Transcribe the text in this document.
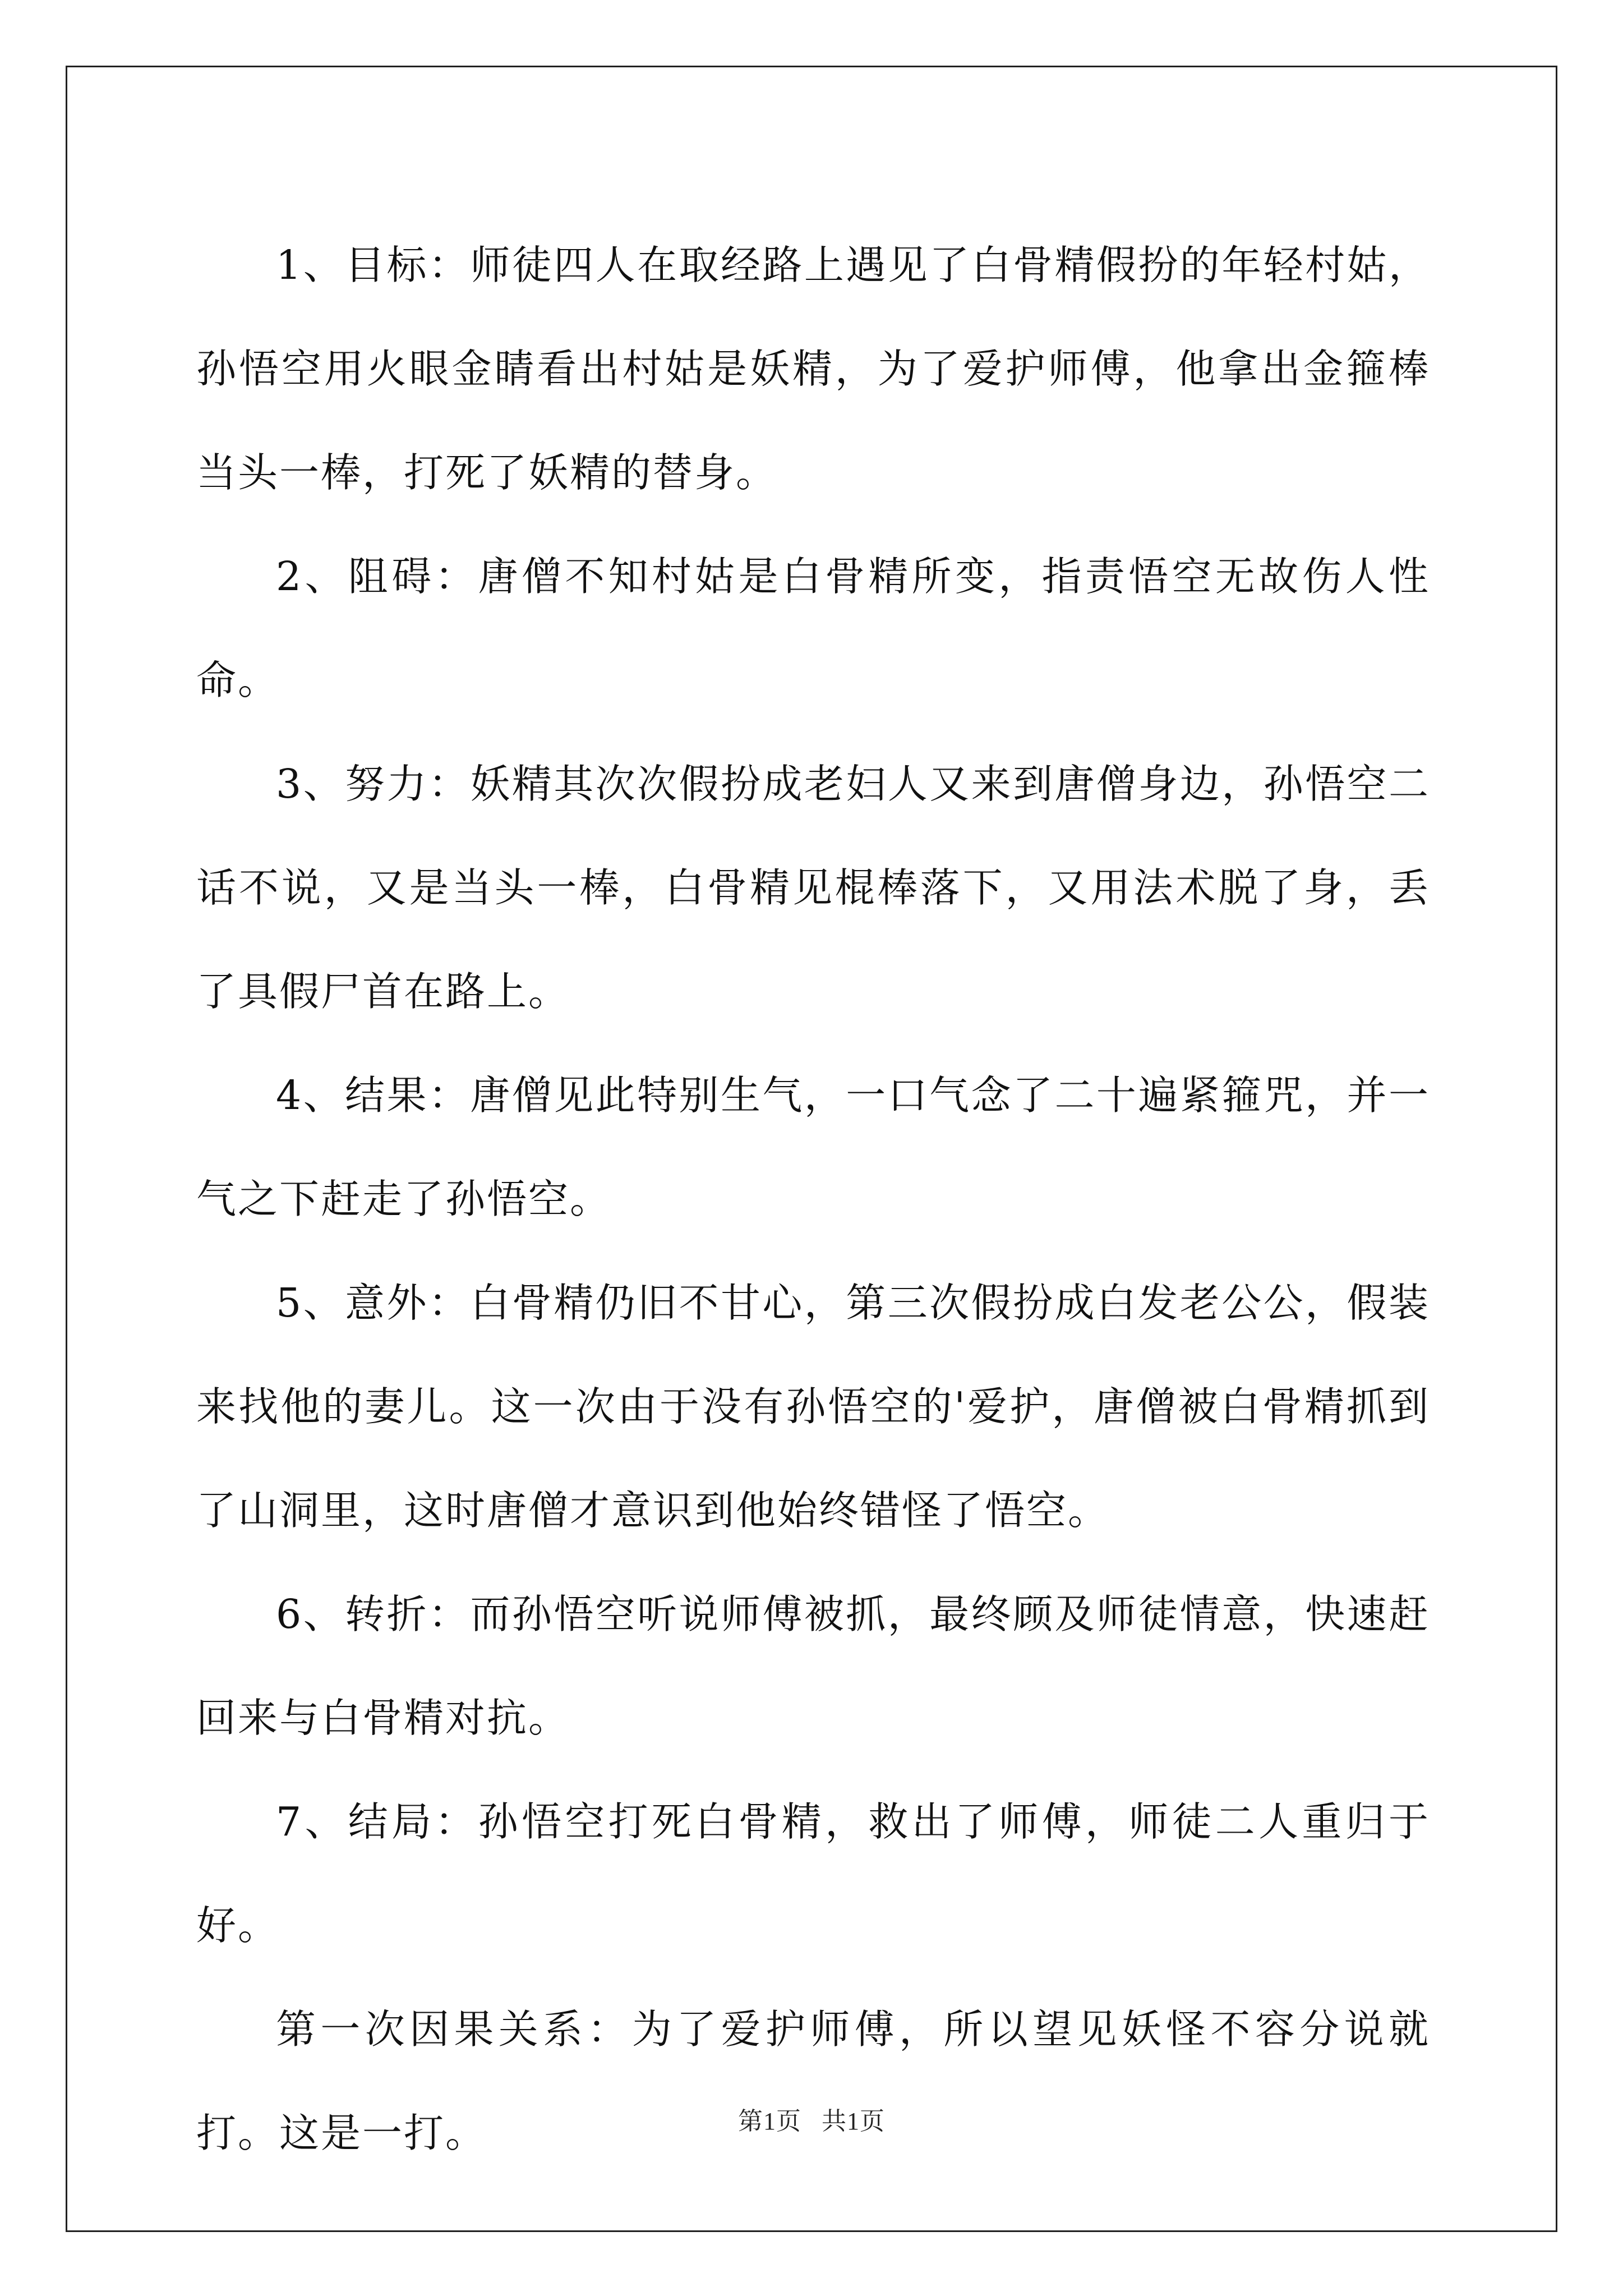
1、目标：师徒四人在取经路上遇见了白骨精假扮的年轻村姑，孙悟空用火眼金睛看出村姑是妖精，为了爱护师傅，他拿出金箍棒当头一棒，打死了妖精的替身。

2、阻碍：唐僧不知村姑是白骨精所变，指责悟空无故伤人性命。

3、努力：妖精其次次假扮成老妇人又来到唐僧身边，孙悟空二话不说，又是当头一棒，白骨精见棍棒落下，又用法术脱了身，丢了具假尸首在路上。

4、结果：唐僧见此特别生气，一口气念了二十遍紧箍咒，并一气之下赶走了孙悟空。

5、意外：白骨精仍旧不甘心，第三次假扮成白发老公公，假装来找他的妻儿。这一次由于没有孙悟空的'爱护，唐僧被白骨精抓到了山洞里，这时唐僧才意识到他始终错怪了悟空。

6、转折：而孙悟空听说师傅被抓，最终顾及师徒情意，快速赶回来与白骨精对抗。

7、结局：孙悟空打死白骨精，救出了师傅，师徒二人重归于好。

第一次因果关系：为了爱护师傅，所以望见妖怪不容分说就打。这是一打。	第1页 共1页
